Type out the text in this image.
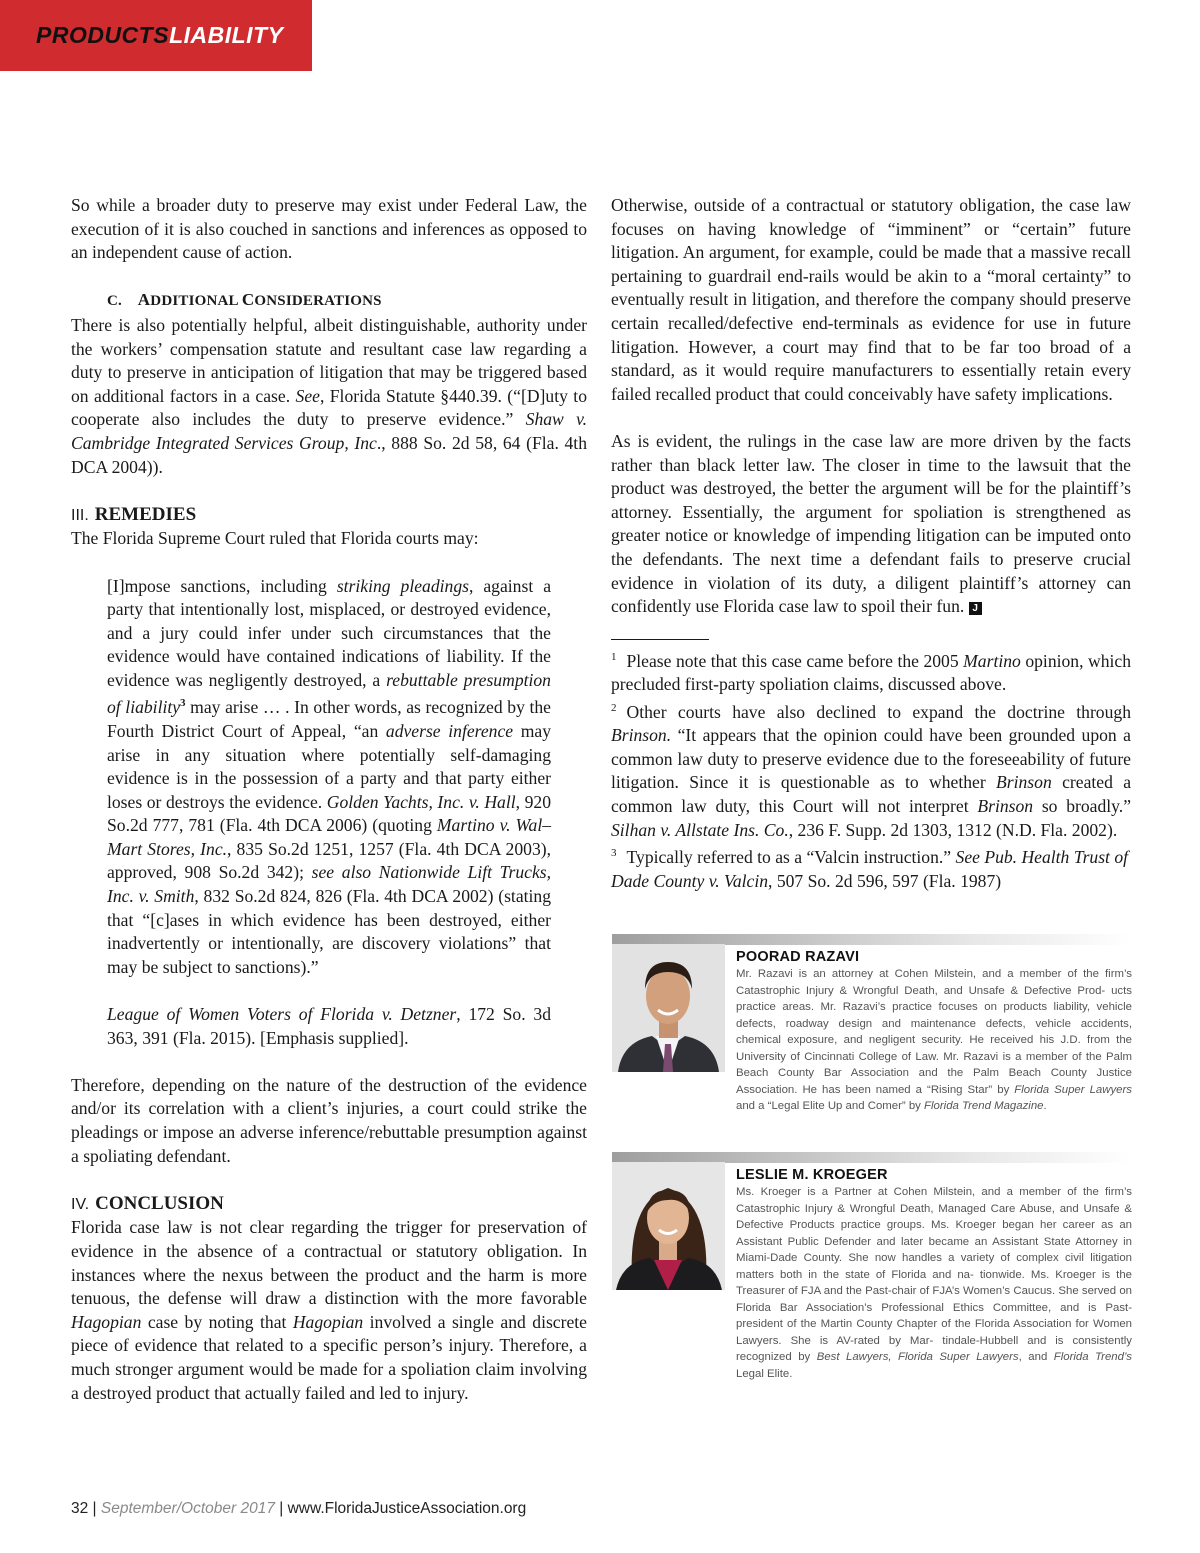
PRODUCTSLIABILITY

So while a broader duty to preserve may exist under Federal Law, the execution of it is also couched in sanctions and inferences as opposed to an independent cause of action.

C. ADDITIONAL CONSIDERATIONS

There is also potentially helpful, albeit distinguishable, authority under the workers’ compensation statute and resultant case law regarding a duty to preserve in anticipation of litigation that may be triggered based on additional factors in a case. See, Florida Statute §440.39. (“[D]uty to cooperate also includes the duty to preserve evidence.” Shaw v. Cambridge Integrated Services Group, Inc., 888 So. 2d 58, 64 (Fla. 4th DCA 2004)).

III. REMEDIES

The Florida Supreme Court ruled that Florida courts may:

[I]mpose sanctions, including striking pleadings, against a party that intentionally lost, misplaced, or destroyed evidence, and a jury could infer under such circumstances that the evidence would have contained indications of liability. If the evidence was negligently destroyed, a rebuttable presumption of liability$^3$ may arise … . In other words, as recognized by the Fourth District Court of Appeal, “an adverse inference may arise in any situation where potentially self-damaging evidence is in the possession of a party and that party either loses or destroys the evidence. Golden Yachts, Inc. v. Hall, 920 So.2d 777, 781 (Fla. 4th DCA 2006) (quoting Martino v. Wal–Mart Stores, Inc., 835 So.2d 1251, 1257 (Fla. 4th DCA 2003), approved, 908 So.2d 342); see also Nationwide Lift Trucks, Inc. v. Smith, 832 So.2d 824, 826 (Fla. 4th DCA 2002) (stating that “[c]ases in which evidence has been destroyed, either inadvertently or intentionally, are discovery violations” that may be subject to sanctions).”

League of Women Voters of Florida v. Detzner, 172 So. 3d 363, 391 (Fla. 2015). [Emphasis supplied].

Therefore, depending on the nature of the destruction of the evidence and/or its correlation with a client’s injuries, a court could strike the pleadings or impose an adverse inference/rebuttable presumption against a spoliating defendant.

IV. CONCLUSION

Florida case law is not clear regarding the trigger for preservation of evidence in the absence of a contractual or statutory obligation. In instances where the nexus between the product and the harm is more tenuous, the defense will draw a distinction with the more favorable Hagopian case by noting that Hagopian involved a single and discrete piece of evidence that related to a specific person’s injury. Therefore, a much stronger argument would be made for a spoliation claim involving a destroyed product that actually failed and led to injury.

Otherwise, outside of a contractual or statutory obligation, the case law focuses on having knowledge of “imminent” or “certain” future litigation. An argument, for example, could be made that a massive recall pertaining to guardrail end-rails would be akin to a “moral certainty” to eventually result in litigation, and therefore the company should preserve certain recalled/defective end-terminals as evidence for use in future litigation. However, a court may find that to be far too broad of a standard, as it would require manufacturers to essentially retain every failed recalled product that could conceivably have safety implications.

As is evident, the rulings in the case law are more driven by the facts rather than black letter law. The closer in time to the lawsuit that the product was destroyed, the better the argument will be for the plaintiff’s attorney. Essentially, the argument for spoliation is strengthened as greater notice or knowledge of impending litigation can be imputed onto the defendants. The next time a defendant fails to preserve crucial evidence in violation of its duty, a diligent plaintiff’s attorney can confidently use Florida case law to spoil their fun. J

$^1$ Please note that this case came before the 2005 Martino opinion, which precluded first-party spoliation claims, discussed above.

$^2$ Other courts have also declined to expand the doctrine through Brinson. “It appears that the opinion could have been grounded upon a common law duty to preserve evidence due to the foreseeability of future litigation. Since it is questionable as to whether Brinson created a common law duty, this Court will not interpret Brinson so broadly.” Silhan v. Allstate Ins. Co., 236 F. Supp. 2d 1303, 1312 (N.D. Fla. 2002).

$^3$ Typically referred to as a “Valcin instruction.” See Pub. Health Trust of Dade County v. Valcin, 507 So. 2d 596, 597 (Fla. 1987)

POORAD RAZAVI
Mr. Razavi is an attorney at Cohen Milstein, and a member of the firm’s Catastrophic Injury & Wrongful Death, and Unsafe & Defective Prod- ucts practice areas. Mr. Razavi’s practice focuses on products liability, vehicle defects, roadway design and maintenance defects, vehicle accidents, chemical exposure, and negligent security. He received his J.D. from the University of Cincinnati College of Law. Mr. Razavi is a member of the Palm Beach County Bar Association and the Palm Beach County Justice Association. He has been named a “Rising Star” by Florida Super Lawyers and a “Legal Elite Up and Comer” by Florida Trend Magazine.
LESLIE M. KROEGER
Ms. Kroeger is a Partner at Cohen Milstein, and a member of the firm’s Catastrophic Injury & Wrongful Death, Managed Care Abuse, and Unsafe & Defective Products practice groups. Ms. Kroeger began her career as an Assistant Public Defender and later became an Assistant State Attorney in Miami-Dade County. She now handles a variety of complex civil litigation matters both in the state of Florida and na- tionwide. Ms. Kroeger is the Treasurer of FJA and the Past-chair of FJA’s Women’s Caucus. She served on Florida Bar Association’s Professional Ethics Committee, and is Past-president of the Martin County Chapter of the Florida Association for Women Lawyers. She is AV-rated by Mar- tindale-Hubbell and is consistently recognized by Best Lawyers, Florida Super Lawyers, and Florida Trend’s Legal Elite.
32 | September/October 2017 | www.FloridaJusticeAssociation.org
